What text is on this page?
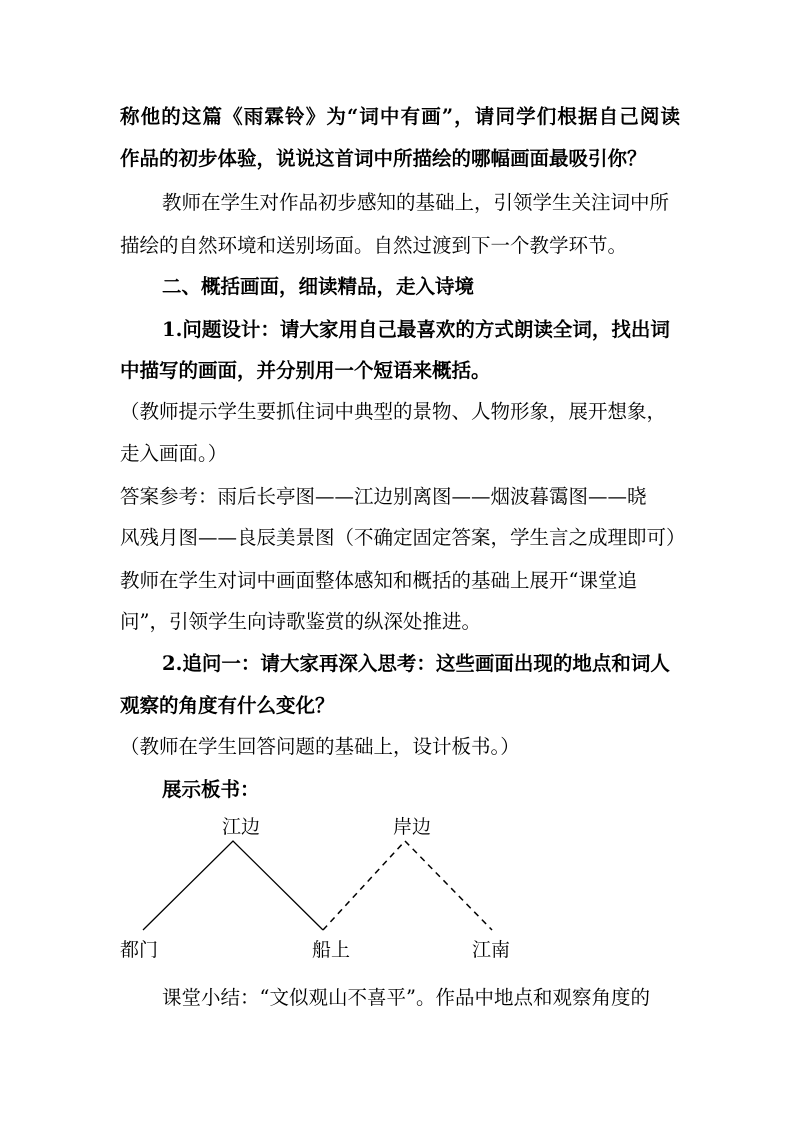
称他的这篇《雨霖铃》为“词中有画”，请同学们根据自己阅读
作品的初步体验，说说这首词中所描绘的哪幅画面最吸引你？
教师在学生对作品初步感知的基础上，引领学生关注词中所
描绘的自然环境和送别场面。自然过渡到下一个教学环节。
二、概括画面，细读精品，走入诗境
1.问题设计：请大家用自己最喜欢的方式朗读全词，找出词
中描写的画面，并分别用一个短语来概括。
（教师提示学生要抓住词中典型的景物、人物形象，展开想象，
走入画面。）
答案参考：雨后长亭图——江边别离图——烟波暮霭图——晓
风残月图——良辰美景图（不确定固定答案，学生言之成理即可）
教师在学生对词中画面整体感知和概括的基础上展开“课堂追
问”，引领学生向诗歌鉴赏的纵深处推进。
2.追问一：请大家再深入思考：这些画面出现的地点和词人
观察的角度有什么变化？
（教师在学生回答问题的基础上，设计板书。）
展示板书：
江边	岸边
都门	船上	江南
课堂小结：“文似观山不喜平”。作品中地点和观察角度的
